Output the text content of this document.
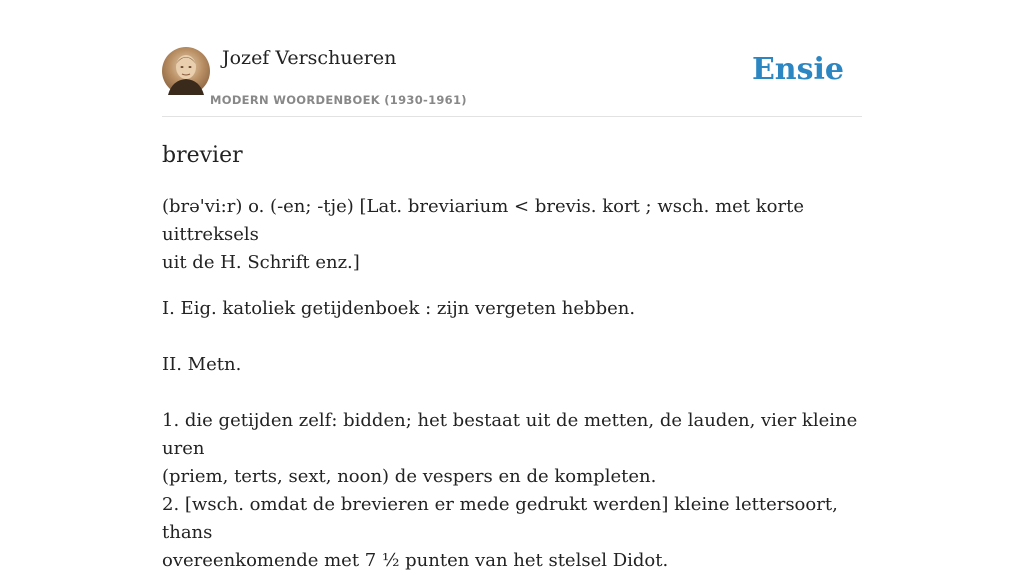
Jozef Verschueren
MODERN WOORDENBOEK (1930-1961)
Ensie
brevier
(brə'vi:r) o. (-en; -tje) [Lat. breviarium < brevis. kort ; wsch. met korte uittreksels
uit de H. Schrift enz.]
I. Eig. katoliek getijdenboek : zijn vergeten hebben.
II. Metn.
1. die getijden zelf: bidden; het bestaat uit de metten, de lauden, vier kleine uren
(priem, terts, sext, noon) de vespers en de kompleten.
2. [wsch. omdat de brevieren er mede gedrukt werden] kleine lettersoort, thans
overeenkomende met 7 ½ punten van het stelsel Didot.
